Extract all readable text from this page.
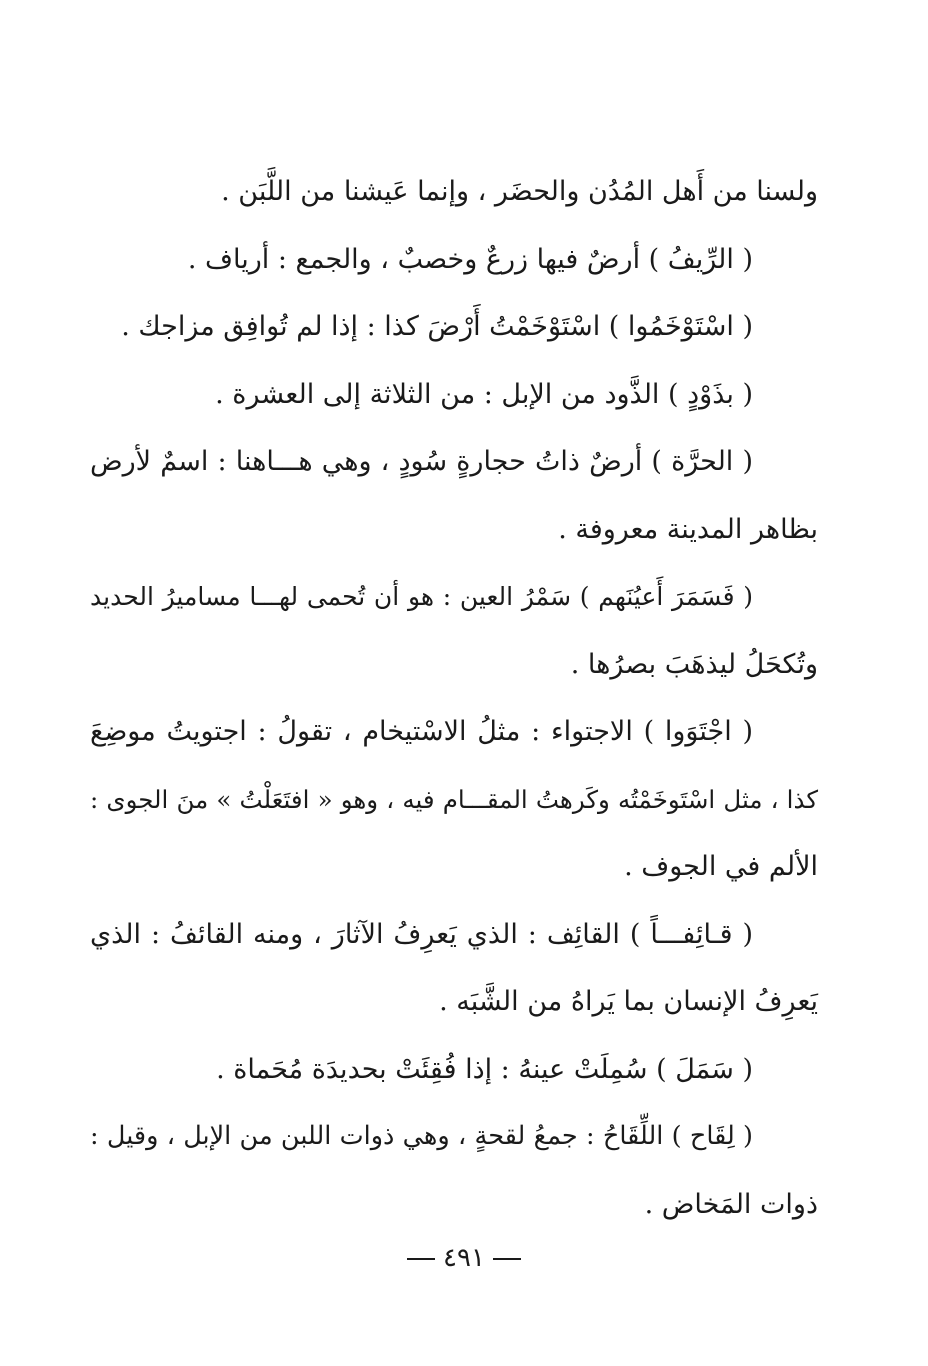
ولسنا من أَهل المُدُن والحضَر ، وإنما عَيشنا من اللَّبَن .
( الرِّيفُ ) أرضٌ فيها زرعٌ وخصبٌ ، والجمع : أرياف .
( اسْتَوْخَمُوا ) اسْتَوْخَمْتُ أَرْضَ كذا : إذا لم تُوافِق مزاجك .
( بذَوْدٍ ) الذَّود من الإبل : من الثلاثة إلى العشرة .
( الحرَّة ) أرضٌ ذاتُ حجارةٍ سُودٍ ، وهي هـــاهنا : اسمٌ لأرض
بظاهر المدينة معروفة .
( فَسَمَرَ أَعيُنَهم ) سَمْرُ العين : هو أن تُحمى لهـــا مساميرُ الحديد
وتُكحَلُ ليذهَبَ بصرُها .
( اجْتَوَوا ) الاجتواء : مثلُ الاسْتيخام ، تقولُ : اجتويتُ موضِعَ
كذا ، مثل اسْتَوخَمْتُه وكَرهتُ المقـــام فيه ، وهو « افتَعَلْتُ » منَ الجوى :
الألم في الجوف .
( قـائِفـــاً ) القائِف : الذي يَعرِفُ الآثارَ ، ومنه القائفُ : الذي
يَعرِفُ الإنسان بما يَراهُ من الشَّبَه .
( سَمَلَ ) سُمِلَتْ عينهُ : إذا فُقِئَتْ بحديدَة مُحَماة .
( لِقَاح ) اللِّقَاحُ : جمعُ لقحةٍ ، وهي ذوات اللبن من الإبل ، وقيل :
ذوات المَخاض .
٤٩١
